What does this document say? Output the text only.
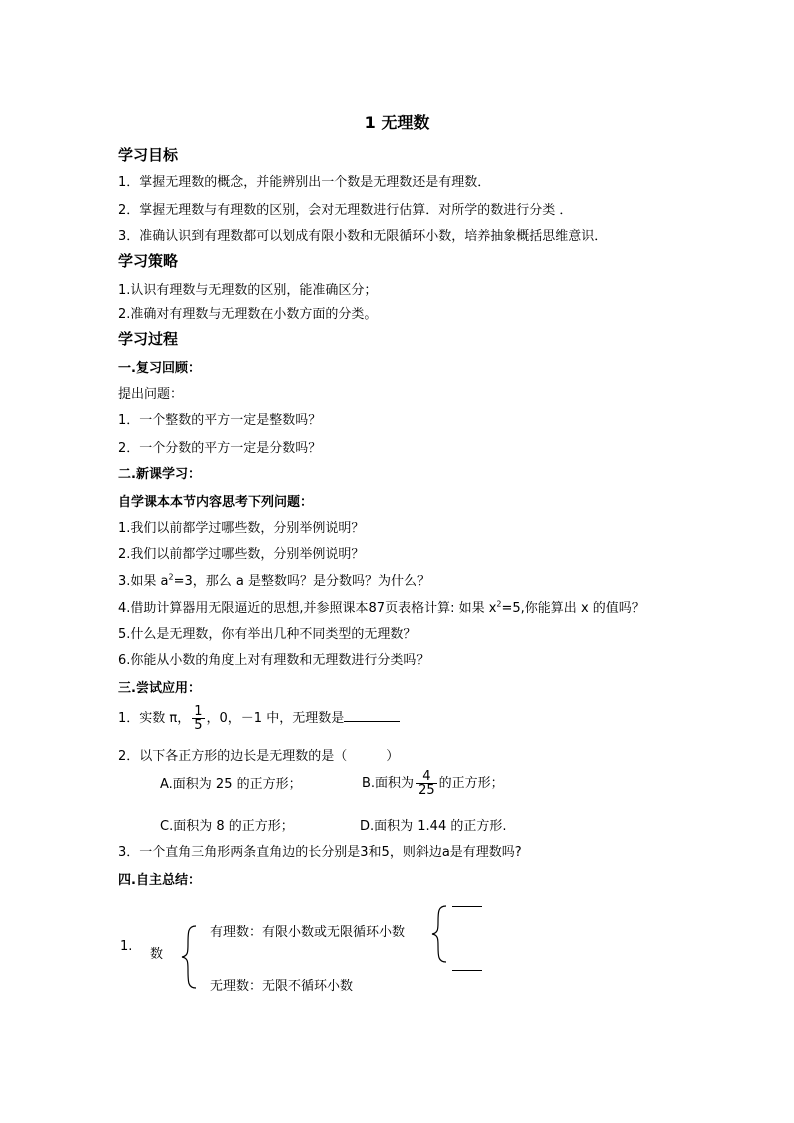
1 无理数
学习目标
1．掌握无理数的概念，并能辨别出一个数是无理数还是有理数．
2．掌握无理数与有理数的区别，会对无理数进行估算．对所学的数进行分类 ．
3．准确认识到有理数都可以划成有限小数和无限循环小数，培养抽象概括思维意识．
学习策略
1.认识有理数与无理数的区别，能准确区分；
2.准确对有理数与无理数在小数方面的分类。
学习过程
一.复习回顾：
提出问题：
1．一个整数的平方一定是整数吗？
2．一个分数的平方一定是分数吗？
二.新课学习：
自学课本本节内容思考下列问题：
1.我们以前都学过哪些数，分别举例说明？
2.我们以前都学过哪些数，分别举例说明？
3.如果 $a^2=3$，那么 a 是整数吗？是分数吗？为什么？
4.借助计算器用无限逼近的思想,并参照课本87页表格计算: 如果 $x^2=5$,你能算出 x 的值吗？
5.什么是无理数，你有举出几种不同类型的无理数？
6.你能从小数的角度上对有理数和无理数进行分类吗？
三.尝试应用：
1．实数 π， $\frac{1}{5}$ ，0，－1 中，无理数是
2．以下各正方形的边长是无理数的是（　　　）
A.面积为 25 的正方形；	B.面积为 $\frac{4}{25}$ 的正方形；
C.面积为 8 的正方形；	D.面积为 1.44 的正方形.
3．一个直角三角形两条直角边的长分别是3和5，则斜边a是有理数吗?
四.自主总结：
1.
数
有理数：有限小数或无限循环小数
无理数：无限不循环小数
